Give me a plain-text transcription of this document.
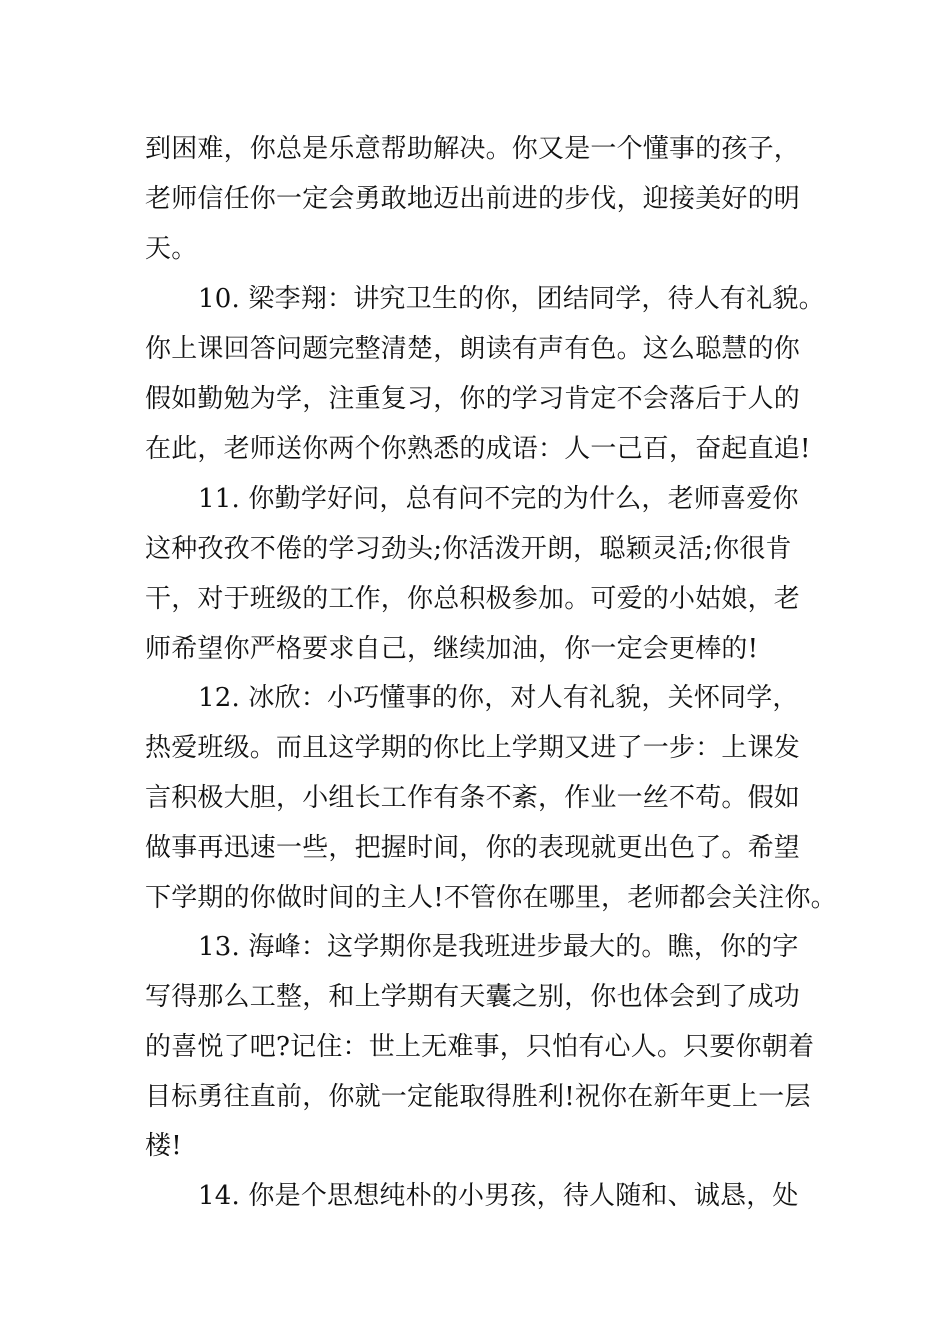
到困难，你总是乐意帮助解决。你又是一个懂事的孩子，
老师信任你一定会勇敢地迈出前进的步伐，迎接美好的明
天。
10. 梁李翔：讲究卫生的你，团结同学，待人有礼貌。
你上课回答问题完整清楚，朗读有声有色。这么聪慧的你
假如勤勉为学，注重复习，你的学习肯定不会落后于人的
在此，老师送你两个你熟悉的成语：人一己百，奋起直追!
11. 你勤学好问，总有问不完的为什么，老师喜爱你
这种孜孜不倦的学习劲头;你活泼开朗，聪颖灵活;你很肯
干，对于班级的工作，你总积极参加。可爱的小姑娘，老
师希望你严格要求自己，继续加油，你一定会更棒的!
12. 冰欣：小巧懂事的你，对人有礼貌，关怀同学，
热爱班级。而且这学期的你比上学期又进了一步：上课发
言积极大胆，小组长工作有条不紊，作业一丝不苟。假如
做事再迅速一些，把握时间，你的表现就更出色了。希望
下学期的你做时间的主人!不管你在哪里，老师都会关注你。
13. 海峰：这学期你是我班进步最大的。瞧，你的字
写得那么工整，和上学期有天囊之别，你也体会到了成功
的喜悦了吧?记住：世上无难事，只怕有心人。只要你朝着
目标勇往直前，你就一定能取得胜利!祝你在新年更上一层
楼!
14. 你是个思想纯朴的小男孩，待人随和、诚恳，处
